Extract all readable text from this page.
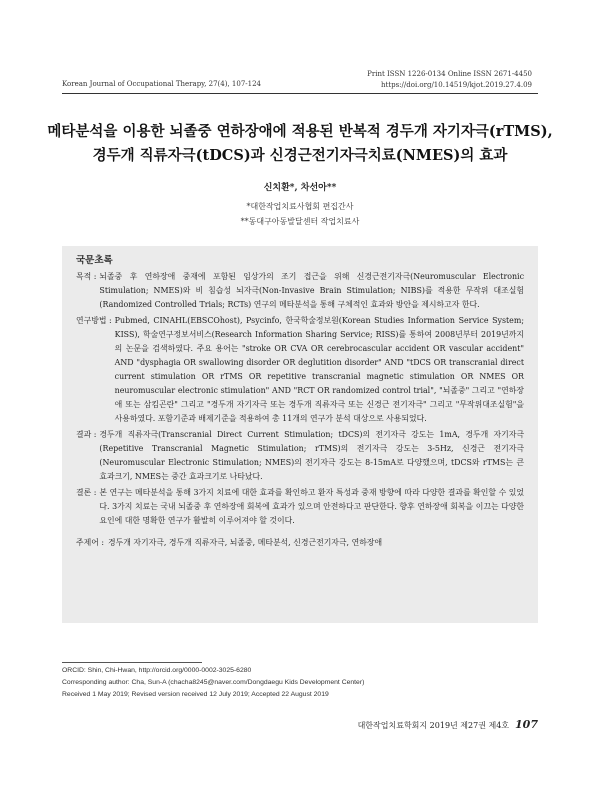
Korean Journal of Occupational Therapy, 27(4), 107-124
Print ISSN 1226-0134 Online ISSN 2671-4450
https://doi.org/10.14519/kjot.2019.27.4.09
메타분석을 이용한 뇌졸중 연하장애에 적용된 반복적 경두개 자기자극(rTMS),
경두개 직류자극(tDCS)과 신경근전기자극치료(NMES)의 효과
신치환*, 차선아**
*대한작업치료사협회 편집간사
**동대구아동발달센터 작업치료사
국문초록
목적 : 뇌졸중 후 연하장애 중재에 포함된 임상가의 조기 접근을 위해 신경근전기자극(Neuromuscular Electronic Stimulation; NMES)와 비 침습성 뇌자극(Non-Invasive Brain Stimulation; NIBS)를 적용한 무작위 대조실험(Randomized Controlled Trials; RCTs) 연구의 메타분석을 통해 구체적인 효과와 방안을 제시하고자 한다.
연구방법 : Pubmed, CINAHL(EBSCOhost), Psycinfo, 한국학술정보원(Korean Studies Information Service System; KISS), 학술연구정보서비스(Research Information Sharing Service; RISS)를 통하여 2008년부터 2019년까지의 논문을 검색하였다. 주요 용어는 "stroke OR CVA OR cerebrocascular accident OR vascular accident" AND "dysphagia OR swallowing disorder OR deglutition disorder" AND "tDCS OR transcranial direct current stimulation OR rTMS OR repetitive transcranial magnetic stimulation OR NMES OR neuromuscular electronic stimulation" AND "RCT OR randomized control trial", "뇌졸중" 그리고 "연하장애 또는 삼킴곤란" 그리고 "경두개 자기자극 또는 경두개 직류자극 또는 신경근 전기자극" 그리고 "무작위대조실험"을 사용하였다. 포함기준과 배제기준을 적용하여 총 11개의 연구가 분석 대상으로 사용되었다.
결과 : 경두개 직류자극(Transcranial Direct Current Stimulation; tDCS)의 전기자극 강도는 1mA, 경두개 자기자극(Repetitive Transcranial Magnetic Stimulation; rTMS)의 전기자극 강도는 3-5Hz, 신경근 전기자극(Neuromuscular Electronic Stimulation; NMES)의 전기자극 강도는 8-15mA로 다양했으며, tDCS와 rTMS는 큰 효과크기, NMES는 중간 효과크기로 나타났다.
결론 : 본 연구는 메타분석을 통해 3가지 치료에 대한 효과를 확인하고 환자 특성과 중재 방향에 따라 다양한 결과를 확인할 수 있었다. 3가지 치료는 국내 뇌졸중 후 연하장애 회복에 효과가 있으며 안전하다고 판단한다. 향후 연하장애 회복을 이끄는 다양한 요인에 대한 명확한 연구가 활발히 이루어져야 할 것이다.
주제어 : 경두개 자기자극, 경두개 직류자극, 뇌졸중, 메타분석, 신경근전기자극, 연하장애
ORCID: Shin, Chi-Hwan, http://orcid.org/0000-0002-3025-6280
Corresponding author: Cha, Sun-A (chacha8245@naver.com/Dongdaegu Kids Development Center)
Received 1 May 2019; Revised version received 12 July 2019; Accepted 22 August 2019
대한작업치료학회지 2019년 제27권 제4호 107
